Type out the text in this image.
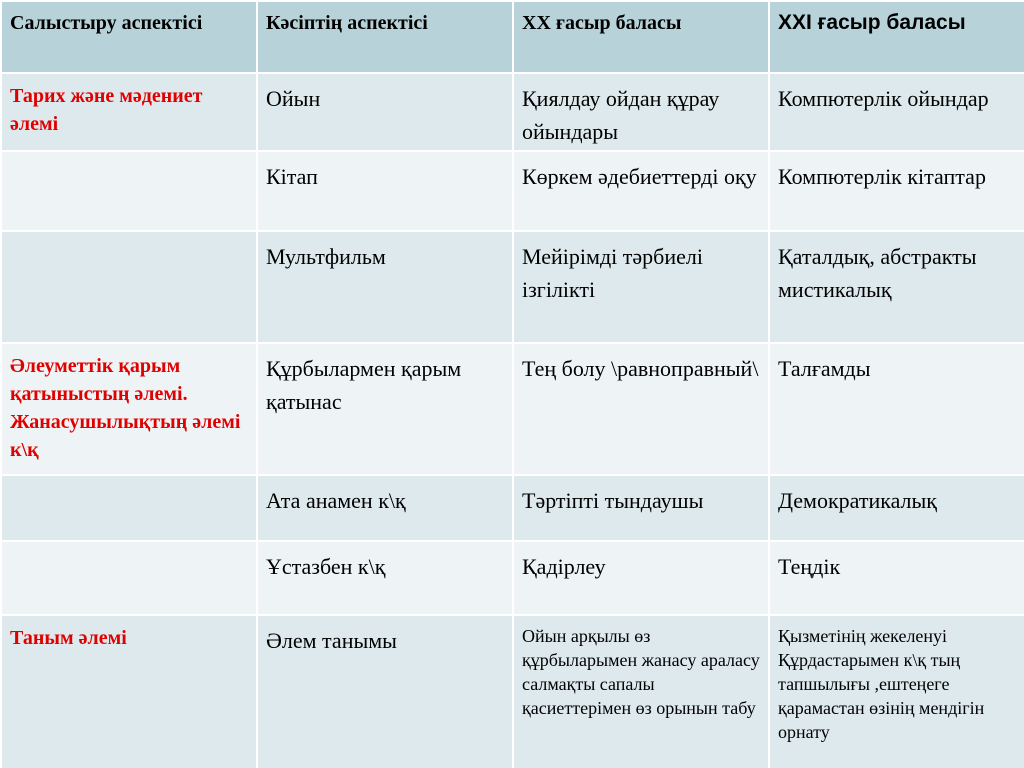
Салыстыру аспектісі	Кәсіптің аспектісі	XX ғасыр баласы	XXI ғасыр баласы
Тарих және мәдениет әлемі	Ойын	Қиялдау ойдан құрау ойындары	Компютерлік ойындар
	Кітап	Көркем әдебиеттерді оқу	Компютерлік кітаптар
	Мультфильм	Мейірімді тәрбиелі ізгілікті	Қаталдық, абстракты мистикалық
Әлеуметтік қарым қатыныстың әлемі. Жанасушылықтың әлемі к\қ	Құрбылармен қарым қатынас	Тең болу \равноправный\	Талғамды
	Ата анамен к\қ	Тәртіпті тындаушы	Демократикалық
	Ұстазбен к\қ	Қадірлеу	Теңдік
Таным әлемі	Әлем танымы	Ойын арқылы өз құрбыларымен жанасу араласу салмақты сапалы қасиеттерімен өз орынын табу	Қызметінің жекеленуі Құрдастарымен к\қ тың тапшылығы ,ештеңеге қарамастан өзінің мендігін орнату
